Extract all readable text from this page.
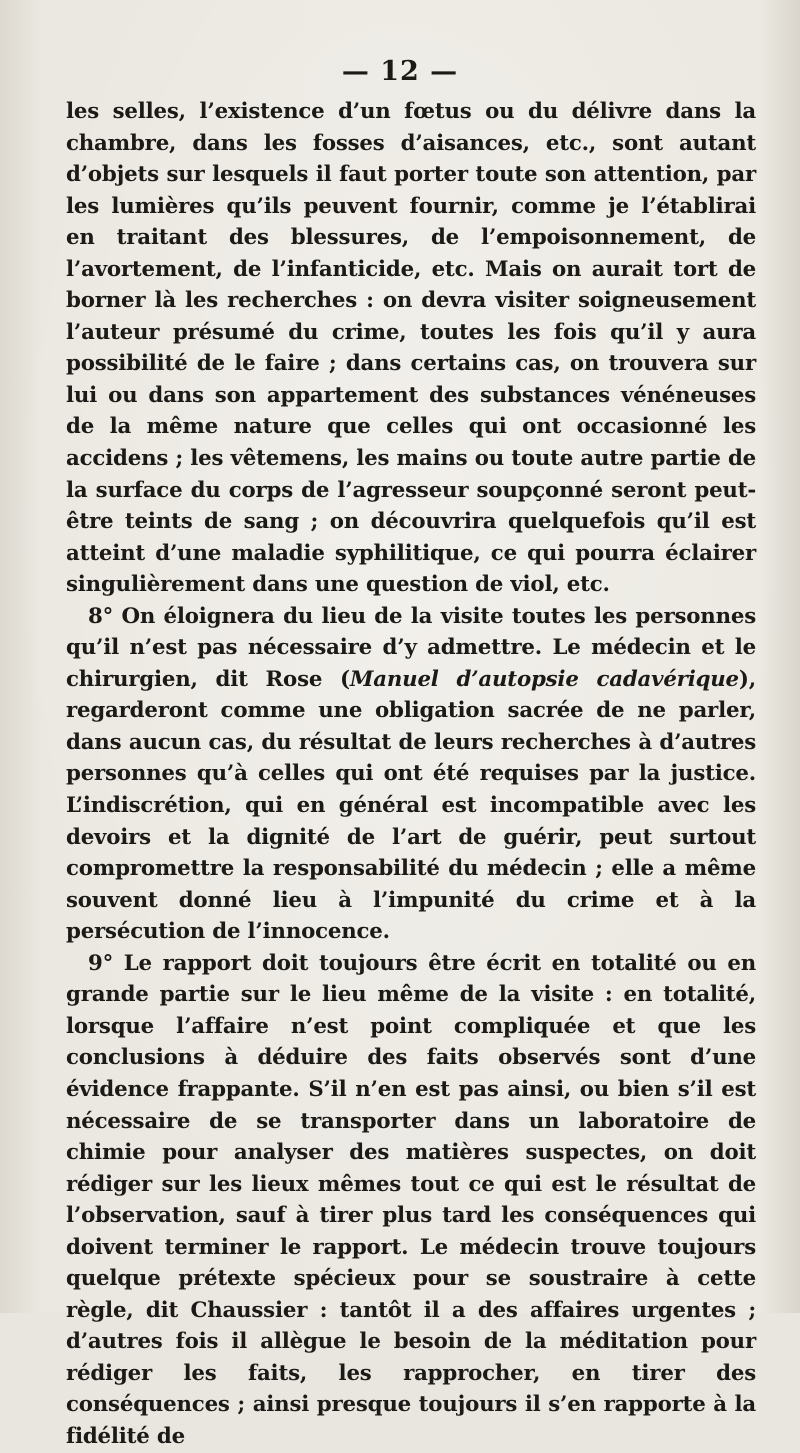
— 12 —

les selles, l’existence d’un fœtus ou du délivre dans la chambre, dans les fosses d’aisances, etc., sont autant d’objets sur lesquels il faut porter toute son attention, par les lumières qu’ils peuvent fournir, comme je l’établirai en traitant des blessures, de l’empoisonnement, de l’avortement, de l’infanticide, etc. Mais on aurait tort de borner là les recherches : on devra visiter soigneusement l’auteur présumé du crime, toutes les fois qu’il y aura possibilité de le faire ; dans certains cas, on trouvera sur lui ou dans son appartement des substances vénéneuses de la même nature que celles qui ont occasionné les accidens ; les vêtemens, les mains ou toute autre partie de la surface du corps de l’agresseur soupçonné seront peut-être teints de sang ; on découvrira quelquefois qu’il est atteint d’une maladie syphilitique, ce qui pourra éclairer singulièrement dans une question de viol, etc.

8° On éloignera du lieu de la visite toutes les personnes qu’il n’est pas nécessaire d’y admettre. Le médecin et le chirurgien, dit Rose (Manuel d’autopsie cadavérique), regarderont comme une obligation sacrée de ne parler, dans aucun cas, du résultat de leurs recherches à d’autres personnes qu’à celles qui ont été requises par la justice. L’indiscrétion, qui en général est incompatible avec les devoirs et la dignité de l’art de guérir, peut surtout compromettre la responsabilité du médecin ; elle a même souvent donné lieu à l’impunité du crime et à la persécution de l’innocence.

9° Le rapport doit toujours être écrit en totalité ou en grande partie sur le lieu même de la visite : en totalité, lorsque l’affaire n’est point compliquée et que les conclusions à déduire des faits observés sont d’une évidence frappante. S’il n’en est pas ainsi, ou bien s’il est nécessaire de se transporter dans un laboratoire de chimie pour analyser des matières suspectes, on doit rédiger sur les lieux mêmes tout ce qui est le résultat de l’observation, sauf à tirer plus tard les conséquences qui doivent terminer le rapport. Le médecin trouve toujours quelque prétexte spécieux pour se soustraire à cette règle, dit Chaussier : tantôt il a des affaires urgentes ; d’autres fois il allègue le besoin de la méditation pour rédiger les faits, les rapprocher, en tirer des conséquences ; ainsi presque toujours il s’en rapporte à la fidélité de
